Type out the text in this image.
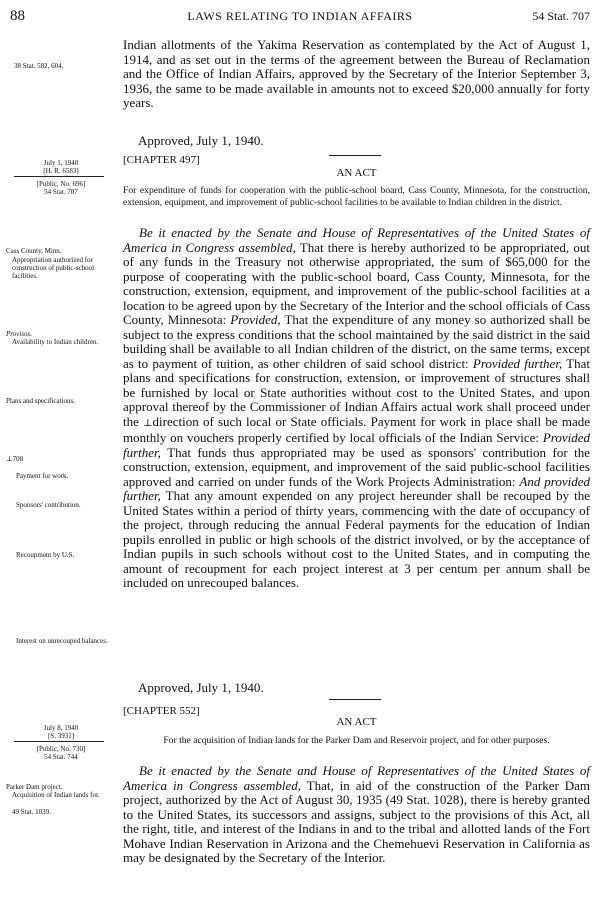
88	LAWS RELATING TO INDIAN AFFAIRS	54 Stat. 707
38 Stat. 582, 604.

Indian allotments of the Yakima Reservation as contemplated by the Act of August 1, 1914, and as set out in the terms of the agreement between the Bureau of Reclamation and the Office of Indian Affairs, approved by the Secretary of the Interior September 3, 1936, the same to be made available in amounts not to exceed $20,000 annually for forty years.

Approved, July 1, 1940.
July 1, 1940
[H. R. 6583]
[Public, No. 696]
54 Stat. 707
[CHAPTER 497]
AN ACT
For expenditure of funds for cooperation with the public-school board, Cass County, Minnesota, for the construction, extension, equipment, and improvement of public-school facilities to be available to Indian children in the district.
Cass County, Minn.
Appropriation authorized for construction of public-school facilities.
Provisos.
Availability to Indian children.
Plans and specifications.
⊥708
Payment for work.
Sponsors' contribution.
Recoupment by U.S.
Interest on unrecouped balances.

Be it enacted by the Senate and House of Representatives of the United States of America in Congress assembled, That there is hereby authorized to be appropriated, out of any funds in the Treasury not otherwise appropriated, the sum of $65,000 for the purpose of cooperating with the public-school board, Cass County, Minnesota, for the construction, extension, equipment, and improvement of the public-school facilities at a location to be agreed upon by the Secretary of the Interior and the school officials of Cass County, Minnesota: Provided, That the expenditure of any money so authorized shall be subject to the express conditions that the school maintained by the said district in the said building shall be available to all Indian children of the district, on the same terms, except as to payment of tuition, as other children of said school district: Provided further, That plans and specifications for construction, extension, or improvement of structures shall be furnished by local or State authorities without cost to the United States, and upon approval thereof by the Commissioner of Indian Affairs actual work shall proceed under the ⊥direction of such local or State officials. Payment for work in place shall be made monthly on vouchers properly certified by local officials of the Indian Service: Provided further, That funds thus appropriated may be used as sponsors' contribution for the construction, extension, equipment, and improvement of the said public-school facilities approved and carried on under funds of the Work Projects Administration: And provided further, That any amount expended on any project hereunder shall be recouped by the United States within a period of thirty years, commencing with the date of occupancy of the project, through reducing the annual Federal payments for the education of Indian pupils enrolled in public or high schools of the district involved, or by the acceptance of Indian pupils in such schools without cost to the United States, and in computing the amount of recoupment for each project interest at 3 per centum per annum shall be included on unrecouped balances.

Approved, July 1, 1940.
[CHAPTER 552]
AN ACT
July 8, 1940
[S. 3931]
[Public, No. 730]
54 Stat. 744
For the acquisition of Indian lands for the Parker Dam and Reservoir project, and for other purposes.
Parker Dam project.
Acquisition of Indian lands for.
49 Stat. 1039.

Be it enacted by the Senate and House of Representatives of the United States of America in Congress assembled, That, in aid of the construction of the Parker Dam project, authorized by the Act of August 30, 1935 (49 Stat. 1028), there is hereby granted to the United States, its successors and assigns, subject to the provisions of this Act, all the right, title, and interest of the Indians in and to the tribal and allotted lands of the Fort Mohave Indian Reservation in Arizona and the Chemehuevi Reservation in California as may be designated by the Secretary of the Interior.
